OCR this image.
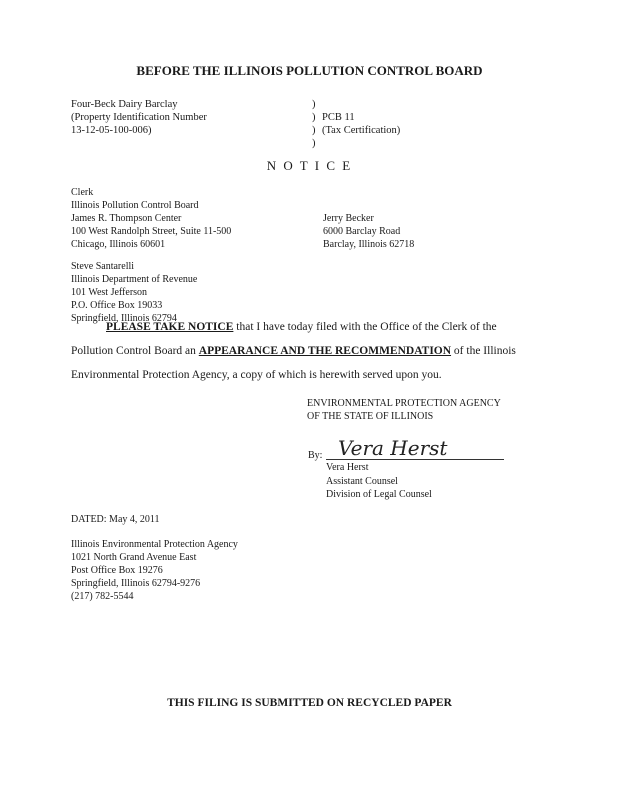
BEFORE THE ILLINOIS POLLUTION CONTROL BOARD
Four-Beck Dairy Barclay
(Property Identification Number
13-12-05-100-006)
)
)
)
)
PCB 11
(Tax Certification)
N O T I C E
Clerk
Illinois Pollution Control Board
James R. Thompson Center
100 West Randolph Street, Suite 11-500
Chicago, Illinois 60601
Jerry Becker
6000 Barclay Road
Barclay, Illinois 62718
Steve Santarelli
Illinois Department of Revenue
101 West Jefferson
P.O. Office Box 19033
Springfield, Illinois 62794
PLEASE TAKE NOTICE that I have today filed with the Office of the Clerk of the
Pollution Control Board an APPEARANCE AND THE RECOMMENDATION of the Illinois
Environmental Protection Agency, a copy of which is herewith served upon you.
ENVIRONMENTAL PROTECTION AGENCY
OF THE STATE OF ILLINOIS
By: Vera Herst
Vera Herst
Assistant Counsel
Division of Legal Counsel
DATED: May 4, 2011
Illinois Environmental Protection Agency
1021 North Grand Avenue East
Post Office Box 19276
Springfield, Illinois 62794-9276
(217) 782-5544
THIS FILING IS SUBMITTED ON RECYCLED PAPER
